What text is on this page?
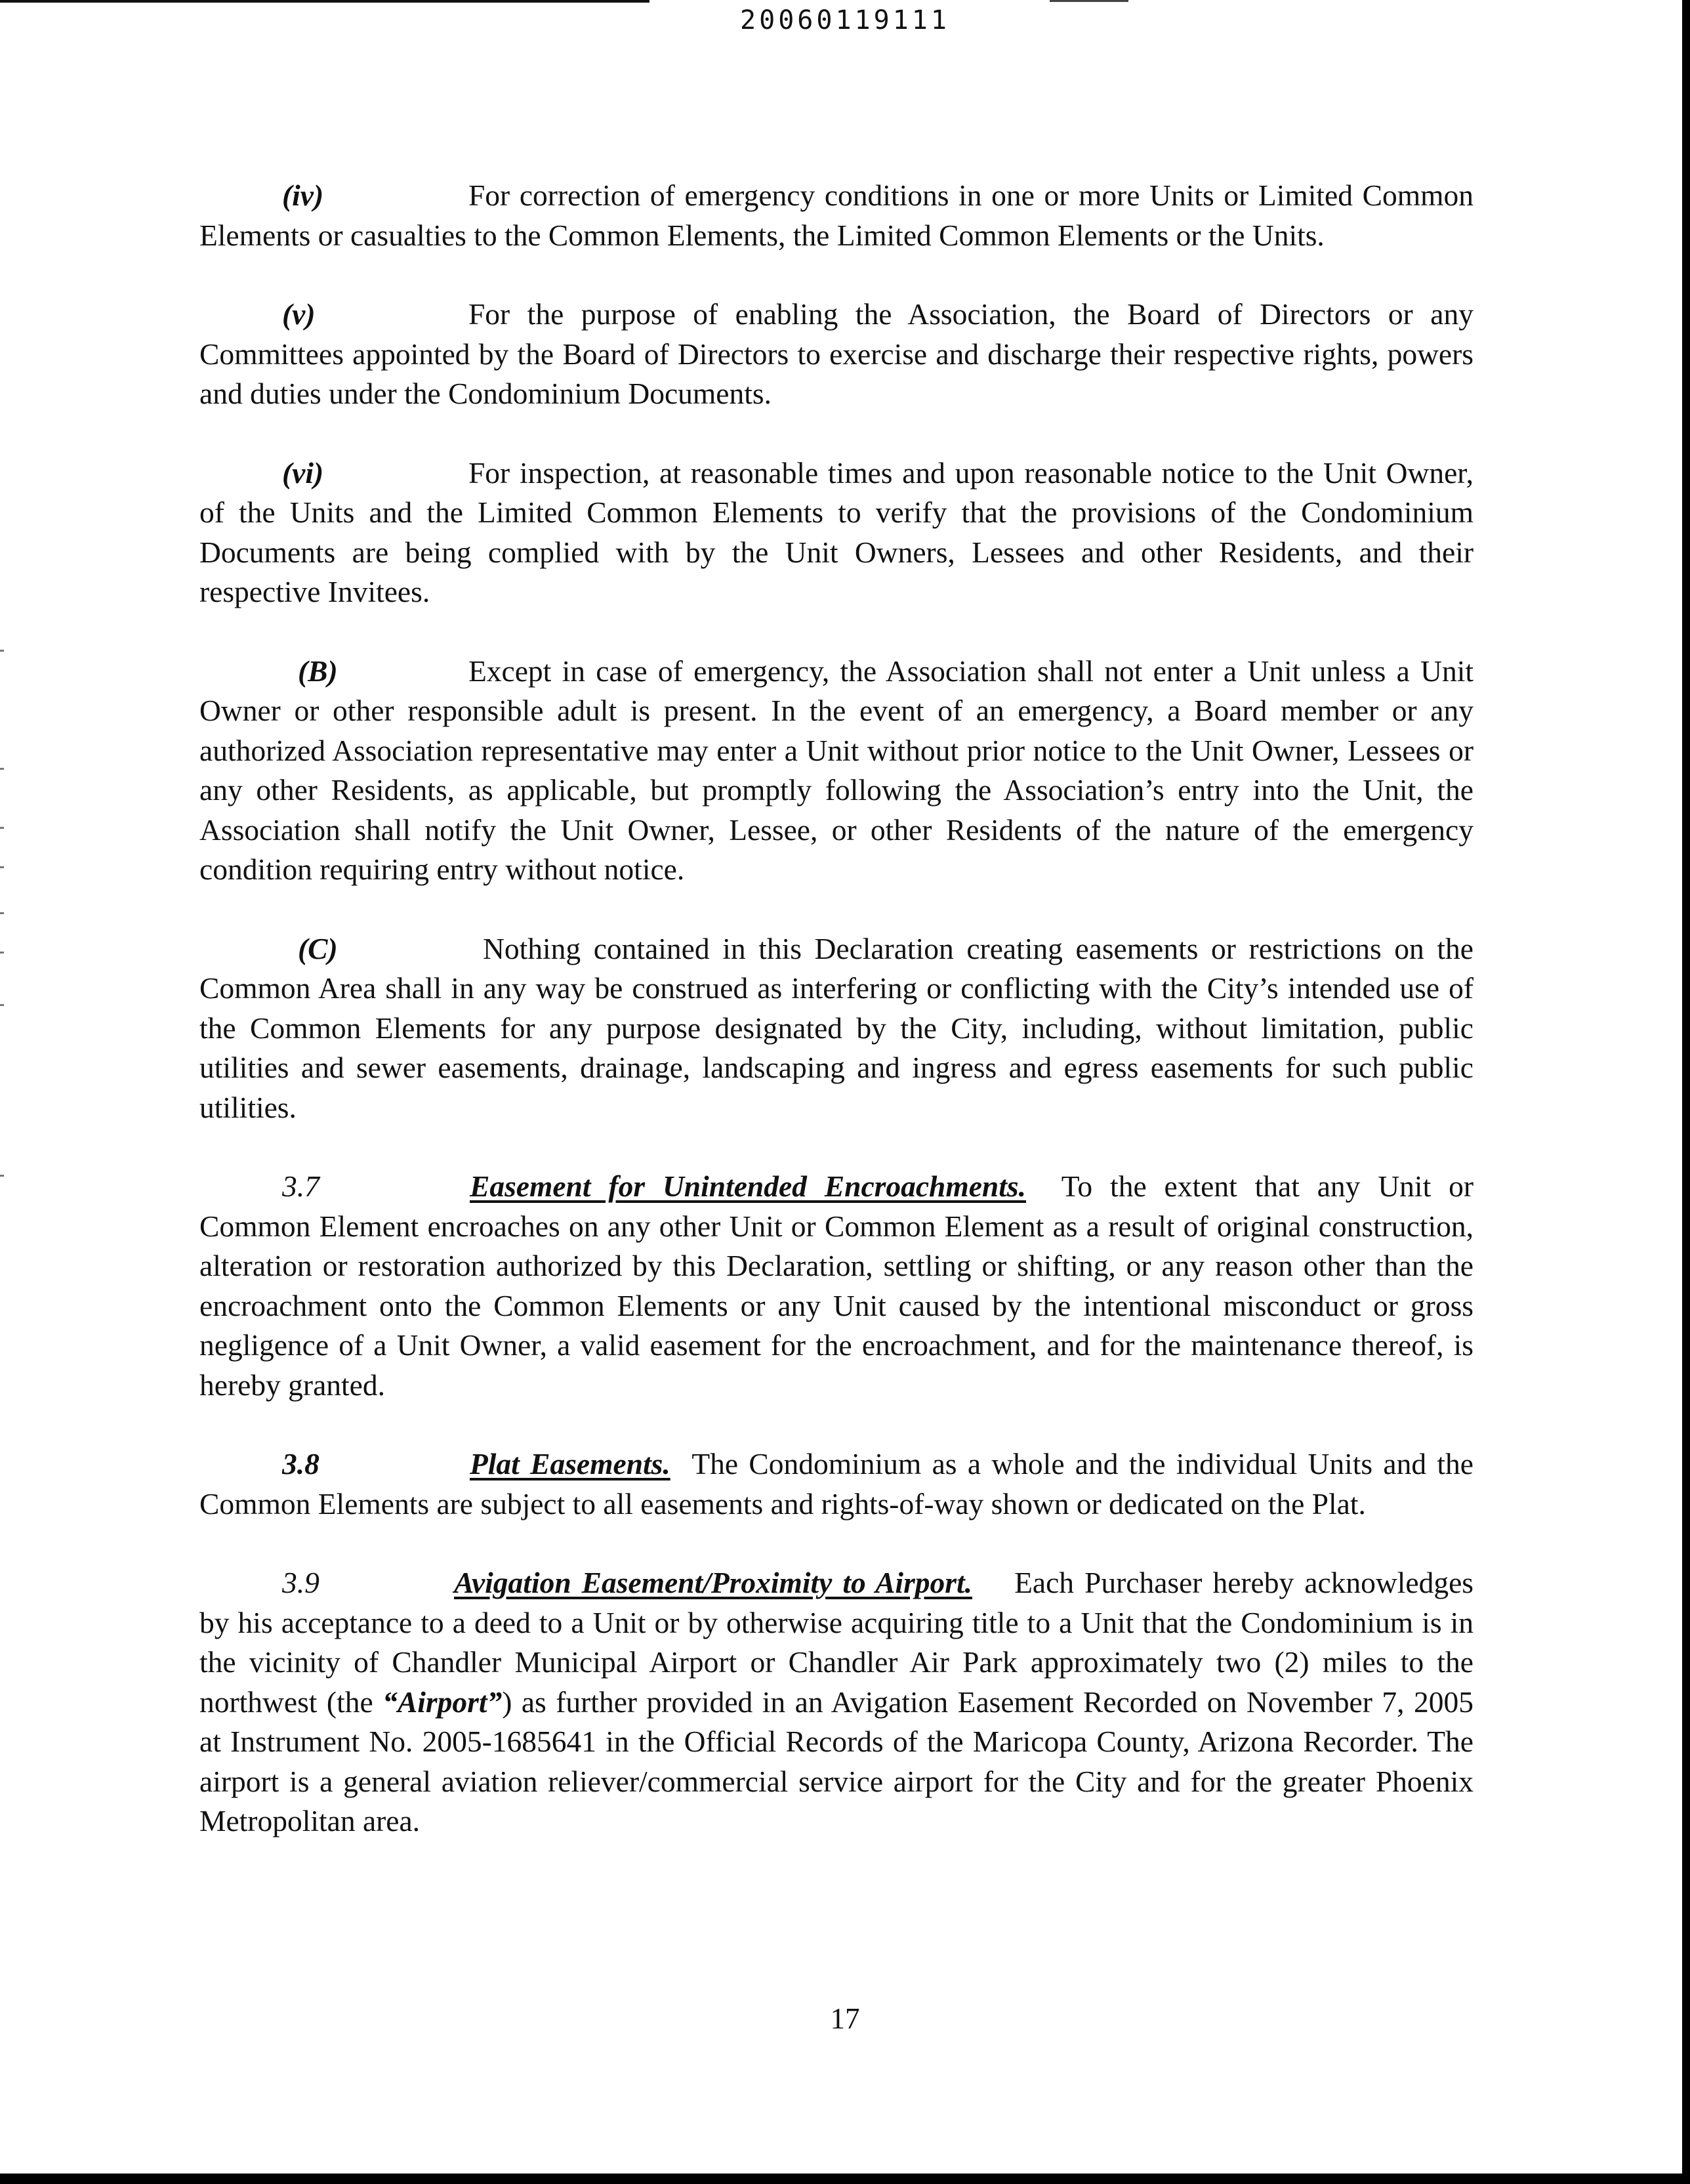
20060119111

(iv)	For correction of emergency conditions in one or more Units or Limited Common Elements or casualties to the Common Elements, the Limited Common Elements or the Units.

(v)	For the purpose of enabling the Association, the Board of Directors or any Committees appointed by the Board of Directors to exercise and discharge their respective rights, powers and duties under the Condominium Documents.

(vi)	For inspection, at reasonable times and upon reasonable notice to the Unit Owner, of the Units and the Limited Common Elements to verify that the provisions of the Condominium Documents are being complied with by the Unit Owners, Lessees and other Residents, and their respective Invitees.

(B)	Except in case of emergency, the Association shall not enter a Unit unless a Unit Owner or other responsible adult is present. In the event of an emergency, a Board member or any authorized Association representative may enter a Unit without prior notice to the Unit Owner, Lessees or any other Residents, as applicable, but promptly following the Association’s entry into the Unit, the Association shall notify the Unit Owner, Lessee, or other Residents of the nature of the emergency condition requiring entry without notice.

(C)	Nothing contained in this Declaration creating easements or restrictions on the Common Area shall in any way be construed as interfering or conflicting with the City’s intended use of the Common Elements for any purpose designated by the City, including, without limitation, public utilities and sewer easements, drainage, landscaping and ingress and egress easements for such public utilities.

3.7	Easement for Unintended Encroachments. To the extent that any Unit or Common Element encroaches on any other Unit or Common Element as a result of original construction, alteration or restoration authorized by this Declaration, settling or shifting, or any reason other than the encroachment onto the Common Elements or any Unit caused by the intentional misconduct or gross negligence of a Unit Owner, a valid easement for the encroachment, and for the maintenance thereof, is hereby granted.

3.8	Plat Easements. The Condominium as a whole and the individual Units and the Common Elements are subject to all easements and rights-of-way shown or dedicated on the Plat.

3.9	Avigation Easement/Proximity to Airport. Each Purchaser hereby acknowledges by his acceptance to a deed to a Unit or by otherwise acquiring title to a Unit that the Condominium is in the vicinity of Chandler Municipal Airport or Chandler Air Park approximately two (2) miles to the northwest (the “Airport”) as further provided in an Avigation Easement Recorded on November 7, 2005 at Instrument No. 2005-1685641 in the Official Records of the Maricopa County, Arizona Recorder. The airport is a general aviation reliever/commercial service airport for the City and for the greater Phoenix Metropolitan area.

17
